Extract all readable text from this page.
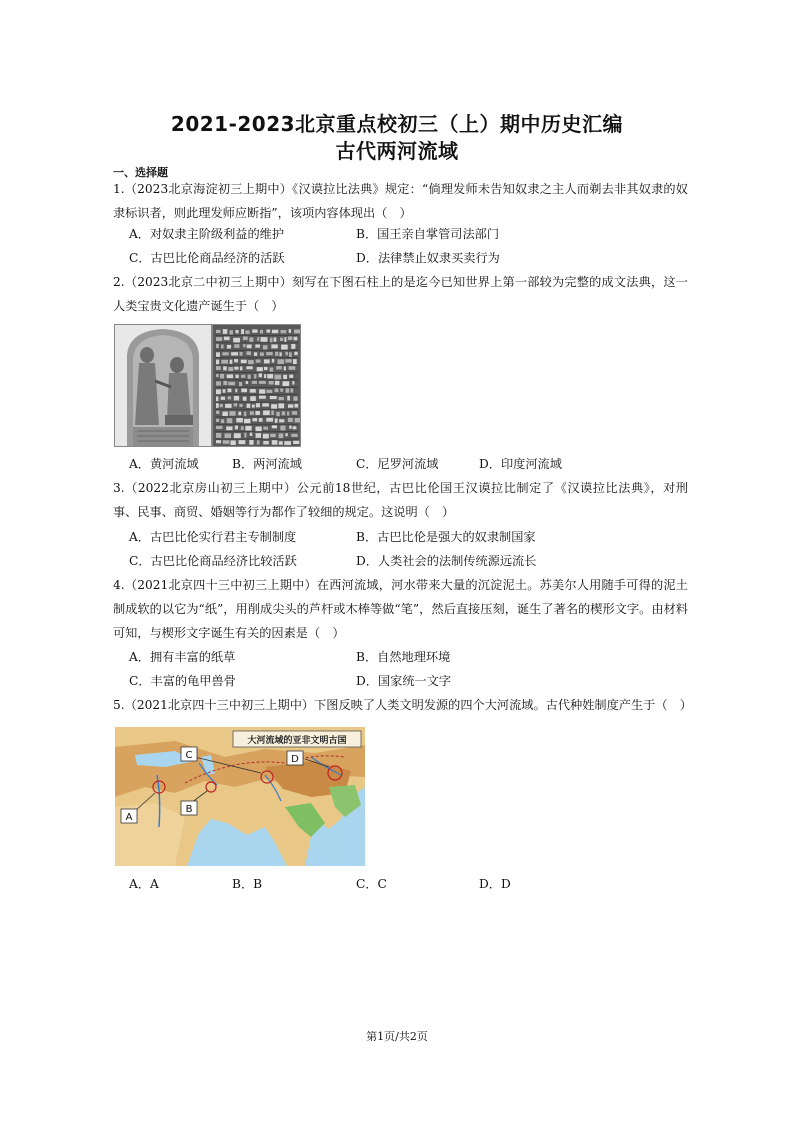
2021-2023北京重点校初三（上）期中历史汇编
古代两河流域
一、选择题
1.（2023北京海淀初三上期中）《汉谟拉比法典》规定：“倘理发师未告知奴隶之主人而剃去非其奴隶的奴隶标识者，则此理发师应断指”，该项内容体现出（　）
A．对奴隶主阶级利益的维护	B．国王亲自掌管司法部门
C．古巴比伦商品经济的活跃	D．法律禁止奴隶买卖行为
2.（2023北京二中初三上期中）刻写在下图石柱上的是迄今已知世界上第一部较为完整的成文法典，这一人类宝贵文化遗产诞生于（　）
A．黄河流域	B．两河流域	C．尼罗河流域	D．印度河流域
3.（2022北京房山初三上期中）公元前18世纪，古巴比伦国王汉谟拉比制定了《汉谟拉比法典》，对刑事、民事、商贸、婚姻等行为都作了较细的规定。这说明（　）
A．古巴比伦实行君主专制制度	B．古巴比伦是强大的奴隶制国家
C．古巴比伦商品经济比较活跃	D．人类社会的法制传统源远流长
4.（2021北京四十三中初三上期中）在西河流域，河水带来大量的沉淀泥土。苏美尔人用随手可得的泥土制成软的以它为“纸”，用削成尖头的芦杆或木棒等做“笔”，然后直接压刻，诞生了著名的楔形文字。由材料可知，与楔形文字诞生有关的因素是（　）
A．拥有丰富的纸草	B．自然地理环境
C．丰富的龟甲兽骨	D．国家统一文字
5.（2021北京四十三中初三上期中）下图反映了人类文明发源的四个大河流域。古代种姓制度产生于（　）
大河流域的亚非文明古国
A
B
C	D
A．A	B．B	C．C	D．D
第1页/共2页
